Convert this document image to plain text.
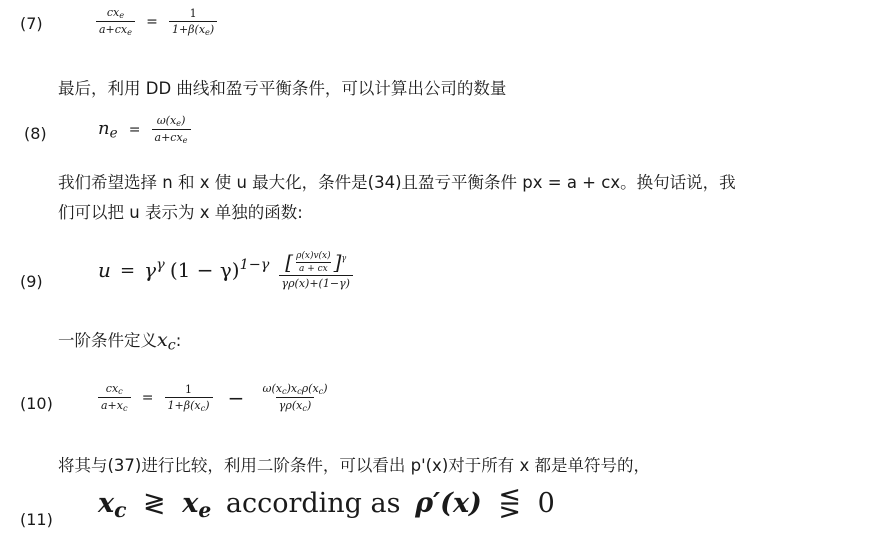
(7)	$\frac{cx_e}{a+cx_e} = \frac{1}{1+\beta(x_e)}$
最后，利用 DD 曲线和盈亏平衡条件，可以计算出公司的数量
(8)	$n_e = \frac{\omega(x_e)}{a+cx_e}$
我们希望选择 n 和 x 使 u 最大化，条件是(34)且盈亏平衡条件 px = a + cx。换句话说，我
们可以把 u 表示为 x 单独的函数:
(9)	$u = \gamma^\gamma$ $(1 - \gamma)^{1-\gamma} \frac{[ \frac{\rho(x)v(x)}{a + cx} ]^\gamma}{\gamma\rho(x)+(1-\gamma)}$
一阶条件定义$x_c$:
(10)	$\frac{cx_c}{a+x_c} = \frac{1}{1+\beta(x_c)} - \frac{\omega(x_c)x_c\rho(x_c)}{\gamma\rho(x_c)}$
将其与(37)进行比较，利用二阶条件，可以看出 p'(x)对于所有 x 都是单符号的，
(11)
$x_c$ ≷ $x_e$ according as ρ′(x) ⋚ 0
